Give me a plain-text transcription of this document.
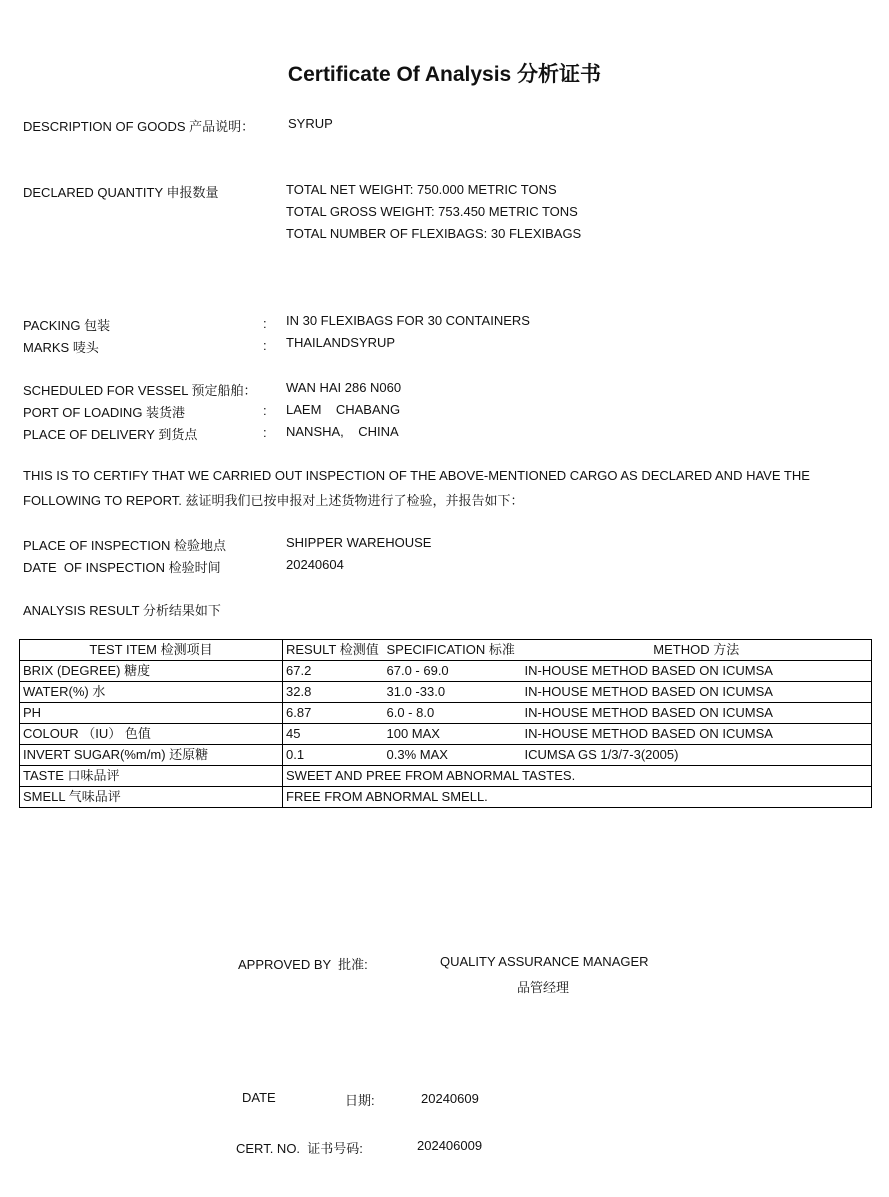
Certificate Of Analysis 分析证书
DESCRIPTION OF GOODS 产品说明：	SYRUP
DECLARED QUANTITY 申报数量	TOTAL NET WEIGHT: 750.000 METRIC TONS
TOTAL GROSS WEIGHT: 753.450 METRIC TONS
TOTAL NUMBER OF FLEXIBAGS: 30 FLEXIBAGS
PACKING 包装	: IN 30 FLEXIBAGS FOR 30 CONTAINERS
MARKS 唛头	: THAILANDSYRUP
SCHEDULED FOR VESSEL 预定船舶： WAN HAI 286 N060
PORT OF LOADING 装货港	: LAEM    CHABANG
PLACE OF DELIVERY 到货点	: NANSHA,    CHINA
THIS IS TO CERTIFY THAT WE CARRIED OUT INSPECTION OF THE ABOVE-MENTIONED CARGO AS DECLARED AND HAVE THE
FOLLOWING TO REPORT. 兹证明我们已按申报对上述货物进行了检验，并报告如下：
PLACE OF INSPECTION 检验地点	SHIPPER WAREHOUSE
DATE  OF INSPECTION 检验时间	20240604
ANALYSIS RESULT 分析结果如下
TEST ITEM 检测项目	RESULT 检测值	SPECIFICATION 标准	METHOD 方法
BRIX (DEGREE) 糖度	67.2	67.0 - 69.0	IN-HOUSE METHOD BASED ON ICUMSA
WATER(%) 水	32.8	31.0 -33.0	IN-HOUSE METHOD BASED ON ICUMSA
PH	6.87	6.0 - 8.0	IN-HOUSE METHOD BASED ON ICUMSA
COLOUR （IU） 色值	45	100 MAX	IN-HOUSE METHOD BASED ON ICUMSA
INVERT SUGAR(%m/m) 还原糖	0.1	0.3% MAX	ICUMSA GS 1/3/7-3(2005)
TASTE 口味品评	SWEET AND PREE FROM ABNORMAL TASTES.		
SMELL 气味品评	FREE FROM ABNORMAL SMELL.		
APPROVED BY  批准:	QUALITY ASSURANCE MANAGER
品管经理
DATE	日期:	20240609
CERT. NO.  证书号码:	202406009
